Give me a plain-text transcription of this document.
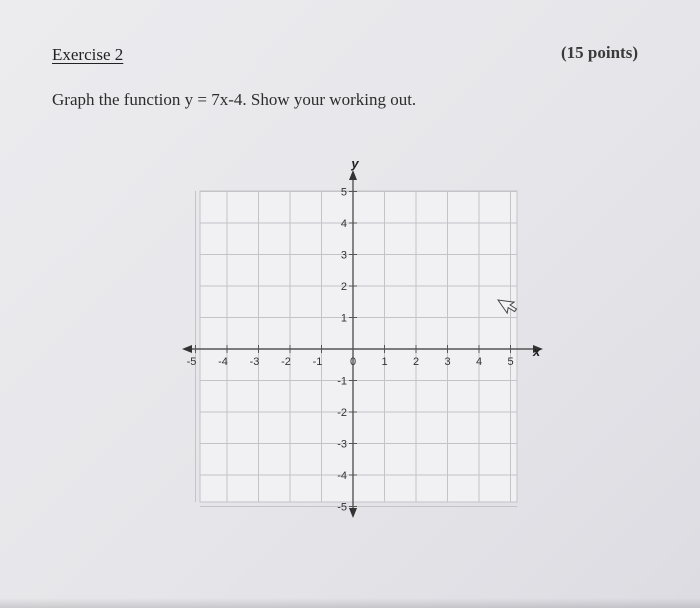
Exercise 2	(15 points)
Graph the function y = 7x-4. Show your working out.
x
y
-5 -4 -3 -2 -1	0 1 2 3 4 5
5
4
3
2
1
-1
-2
-3
-4
-5
